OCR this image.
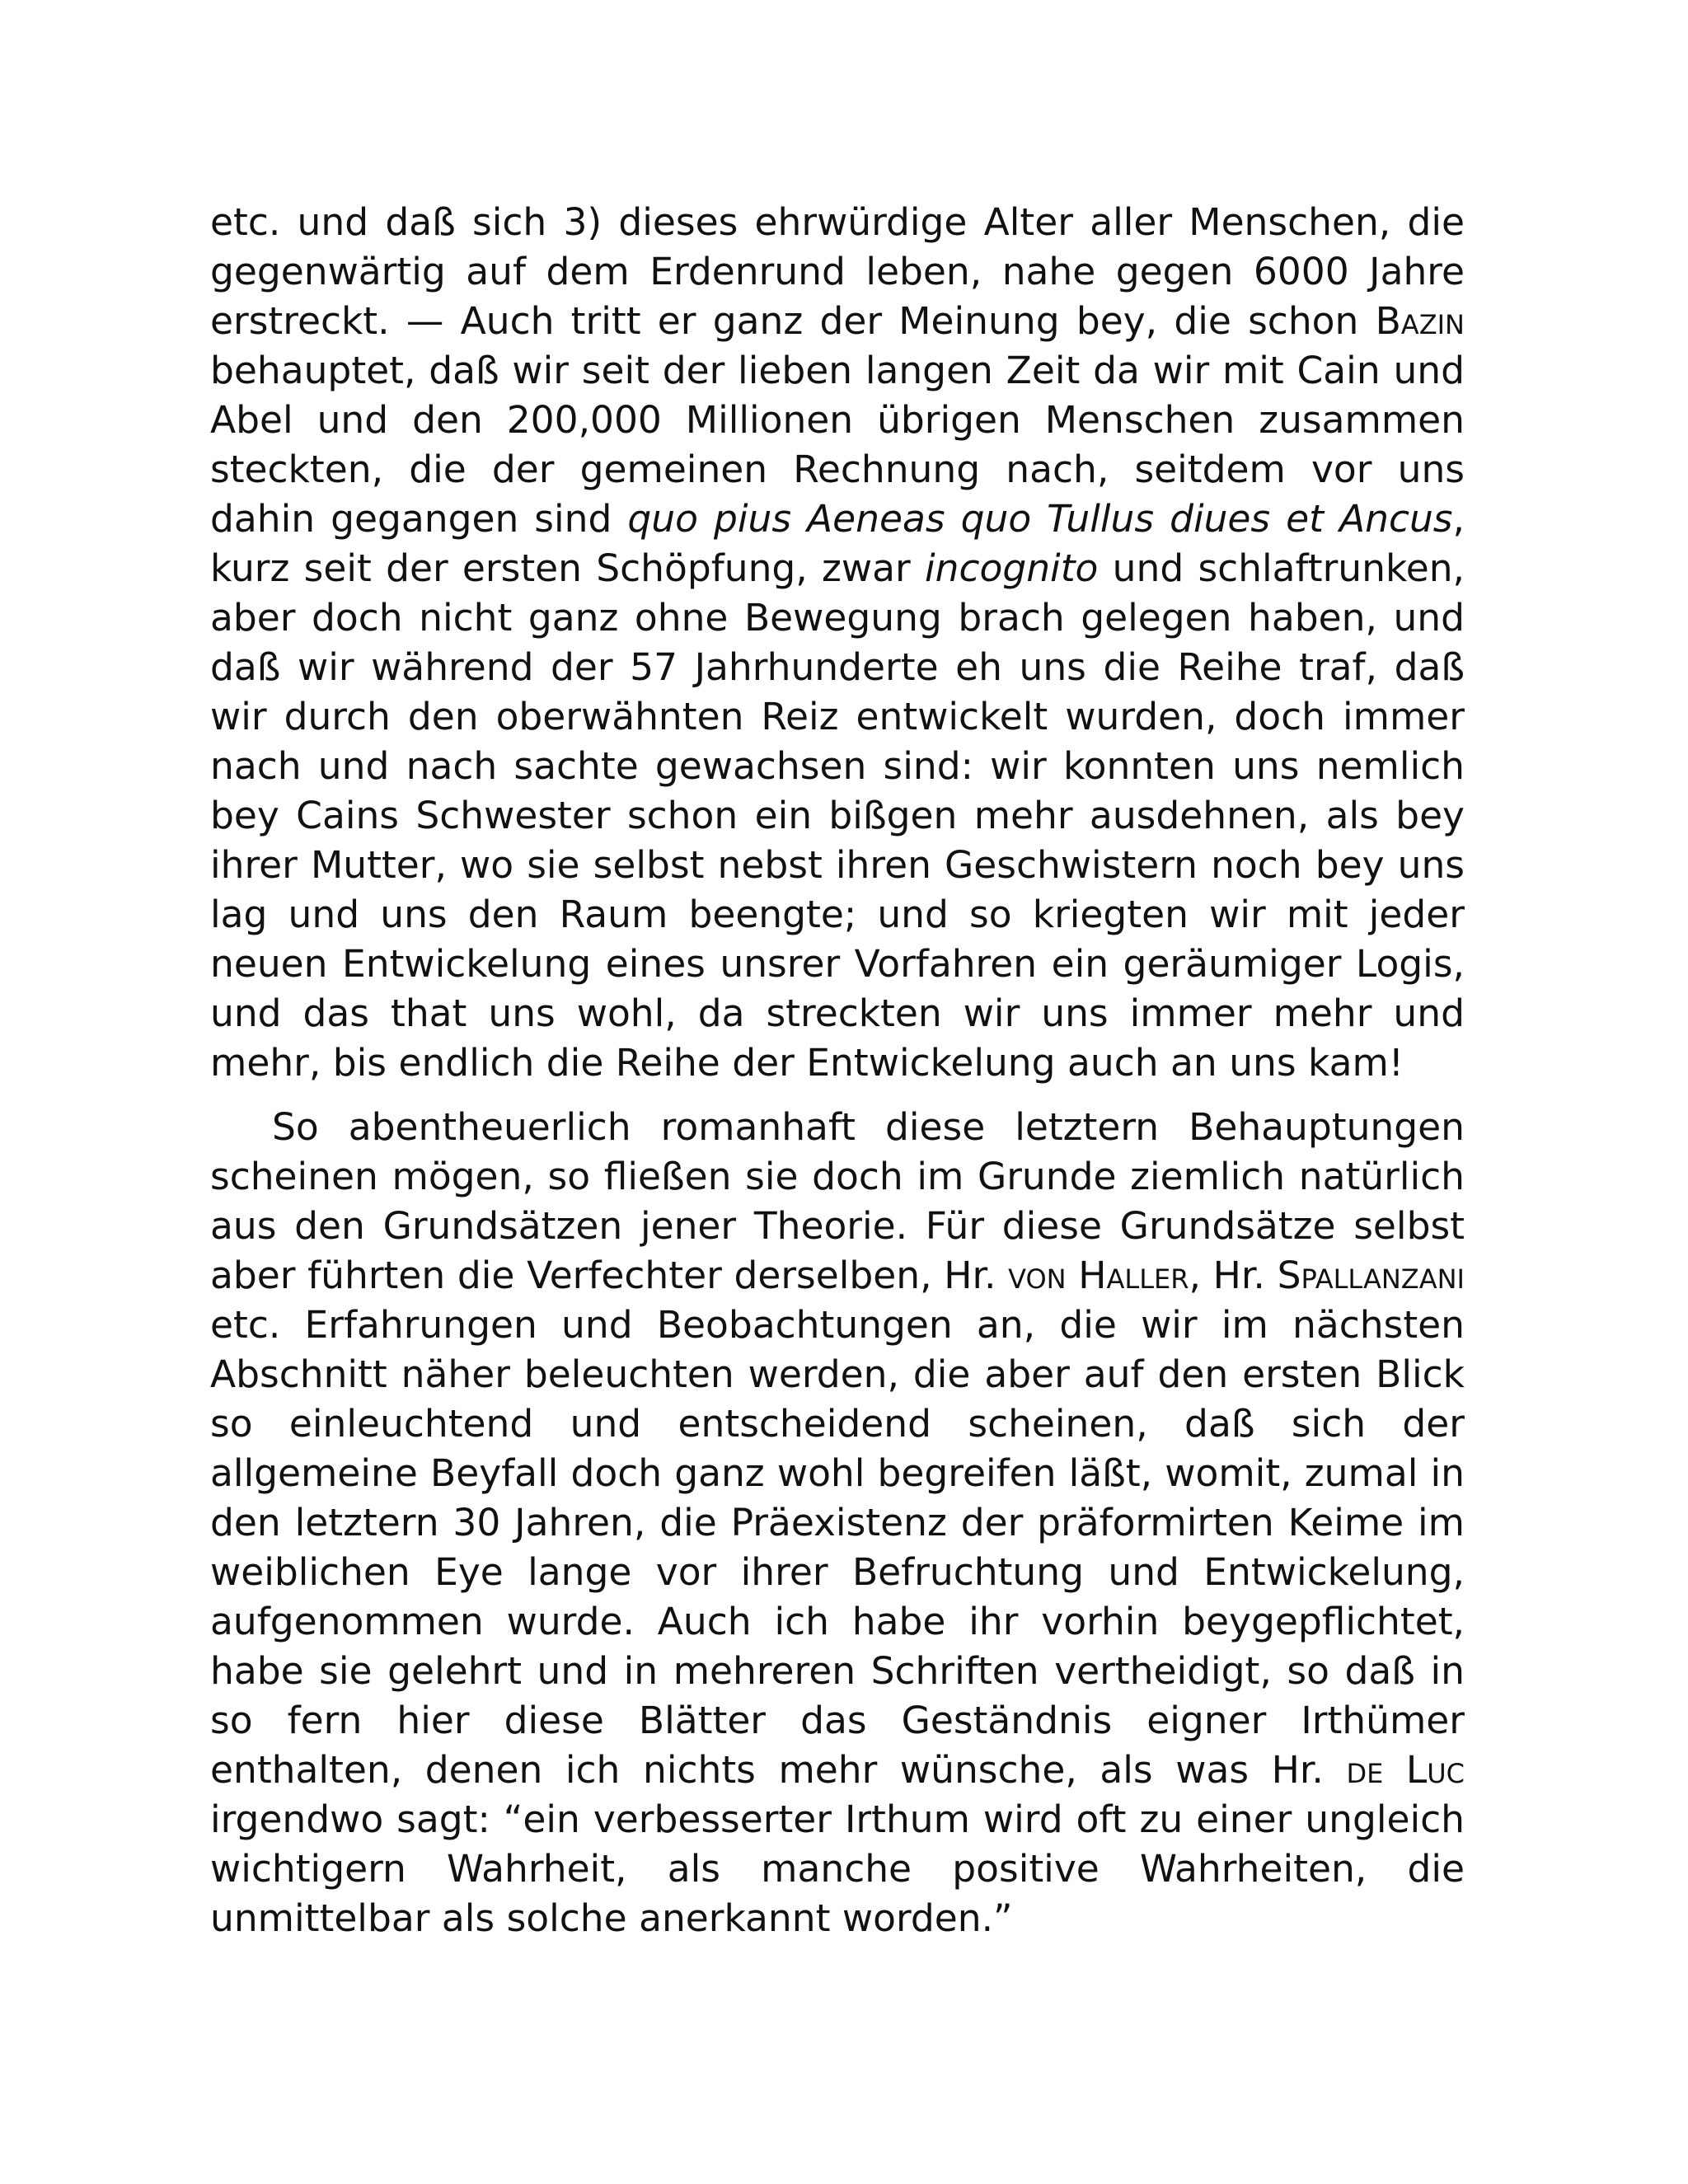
etc. und daß sich 3) dieses ehrwürdige Alter aller Menschen, die gegenwärtig auf dem Erdenrund leben, nahe gegen 6000 Jahre erstreckt. — Auch tritt er ganz der Meinung bey, die schon Bazin behauptet, daß wir seit der lieben langen Zeit da wir mit Cain und Abel und den 200,000 Millionen übrigen Menschen zusammen steckten, die der gemeinen Rechnung nach, seitdem vor uns dahin gegangen sind quo pius Aeneas quo Tullus diues et Ancus, kurz seit der ersten Schöpfung, zwar incognito und schlaftrunken, aber doch nicht ganz ohne Bewegung brach gelegen haben, und daß wir während der 57 Jahrhunderte eh uns die Reihe traf, daß wir durch den oberwähnten Reiz entwickelt wurden, doch immer nach und nach sachte gewachsen sind: wir konnten uns nemlich bey Cains Schwester schon ein bißgen mehr ausdehnen, als bey ihrer Mutter, wo sie selbst nebst ihren Geschwistern noch bey uns lag und uns den Raum beengte; und so kriegten wir mit jeder neuen Entwickelung eines unsrer Vorfahren ein geräumiger Logis, und das that uns wohl, da streckten wir uns immer mehr und mehr, bis endlich die Reihe der Entwickelung auch an uns kam!

So abentheuerlich romanhaft diese letztern Behauptungen scheinen mögen, so fließen sie doch im Grunde ziemlich natürlich aus den Grundsätzen jener Theorie. Für diese Grundsätze selbst aber führten die Verfechter derselben, Hr. von Haller, Hr. Spallanzani etc. Erfahrungen und Beobachtungen an, die wir im nächsten Abschnitt näher beleuchten werden, die aber auf den ersten Blick so einleuchtend und entscheidend scheinen, daß sich der allgemeine Beyfall doch ganz wohl begreifen läßt, womit, zumal in den letztern 30 Jahren, die Präexistenz der präformirten Keime im weiblichen Eye lange vor ihrer Befruchtung und Entwickelung, aufgenommen wurde. Auch ich habe ihr vorhin beygepflichtet, habe sie gelehrt und in mehreren Schriften vertheidigt, so daß in so fern hier diese Blätter das Geständnis eigner Irthümer enthalten, denen ich nichts mehr wünsche, als was Hr. de Luc irgendwo sagt: “ein verbesserter Irthum wird oft zu einer ungleich wichtigern Wahrheit, als manche positive Wahrheiten, die unmittelbar als solche anerkannt worden.”
